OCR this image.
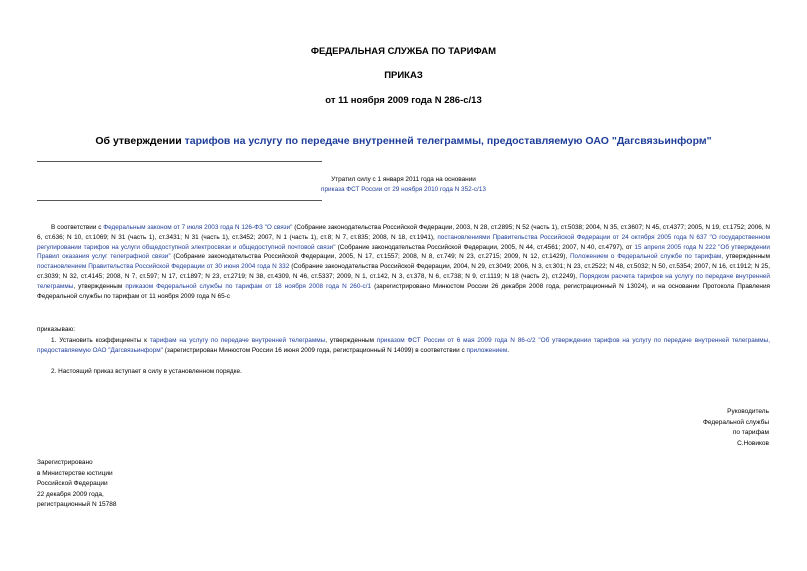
ФЕДЕРАЛЬНАЯ СЛУЖБА ПО ТАРИФАМ
ПРИКАЗ
от 11 ноября 2009 года N 286-с/13
Об утверждении тарифов на услугу по передаче внутренней телеграммы, предоставляемую ОАО "Дагсвязьинформ"
Утратил силу с 1 января 2011 года на основании
приказа ФСТ России от 29 ноября 2010 года N 352-с/13
В соответствии с Федеральным законом от 7 июля 2003 года N 126-ФЗ "О связи" (Собрание законодательства Российской Федерации, 2003, N 28, ст.2895; N 52 (часть 1), ст.5038; 2004, N 35, ст.3607; N 45, ст.4377; 2005, N 19, ст.1752; 2006, N 6, ст.636; N 10, ст.1069; N 31 (часть 1), ст.3431; N 31 (часть 1), ст.3452; 2007, N 1 (часть 1), ст.8; N 7, ст.835; 2008, N 18, ст.1941), постановлениями Правительства Российской Федерации от 24 октября 2005 года N 637 "О государственном регулировании тарифов на услуги общедоступной электросвязи и общедоступной почтовой связи" (Собрание законодательства Российской Федерации, 2005, N 44, ст.4561; 2007, N 40, ст.4797), от 15 апреля 2005 года N 222 "Об утверждении Правил оказания услуг телеграфной связи" (Собрание законодательства Российской Федерации, 2005, N 17, ст.1557; 2008, N 8, ст.749; N 23, ст.2715; 2009, N 12, ст.1429), Положением о Федеральной службе по тарифам, утвержденным постановлением Правительства Российской Федерации от 30 июня 2004 года N 332 (Собрание законодательства Российской Федерации, 2004, N 29, ст.3049; 2006, N 3, ст.301; N 23, ст.2522; N 48, ст.5032; N 50, ст.5354; 2007, N 16, ст.1912; N 25, ст.3039; N 32, ст.4145; 2008, N 7, ст.597; N 17, ст.1897; N 23, ст.2719; N 38, ст.4309, N 46, ст.5337; 2009, N 1, ст.142, N 3, ст.378, N 6, ст.738; N 9, ст.1119; N 18 (часть 2), ст.2249), Порядком расчета тарифов на услугу по передаче внутренней телеграммы, утвержденным приказом Федеральной службы по тарифам от 18 ноября 2008 года N 260-с/1 (зарегистрировано Минюстом России 26 декабря 2008 года, регистрационный N 13024), и на основании Протокола Правления Федеральной службы по тарифам от 11 ноября 2009 года N 65-с
приказываю:
1. Установить коэффициенты к тарифам на услугу по передаче внутренней телеграммы, утвержденным приказом ФСТ России от 6 мая 2009 года N 86-с/2 "Об утверждении тарифов на услугу по передаче внутренней телеграммы, предоставляемую ОАО "Дагсвязьинформ" (зарегистрирован Минюстом России 16 июня 2009 года, регистрационный N 14099) в соответствии с приложением.
2. Настоящий приказ вступает в силу в установленном порядке.
Руководитель
Федеральной службы
по тарифам
С.Новиков
Зарегистрировано
в Министерстве юстиции
Российской Федерации
22 декабря 2009 года,
регистрационный N 15788
